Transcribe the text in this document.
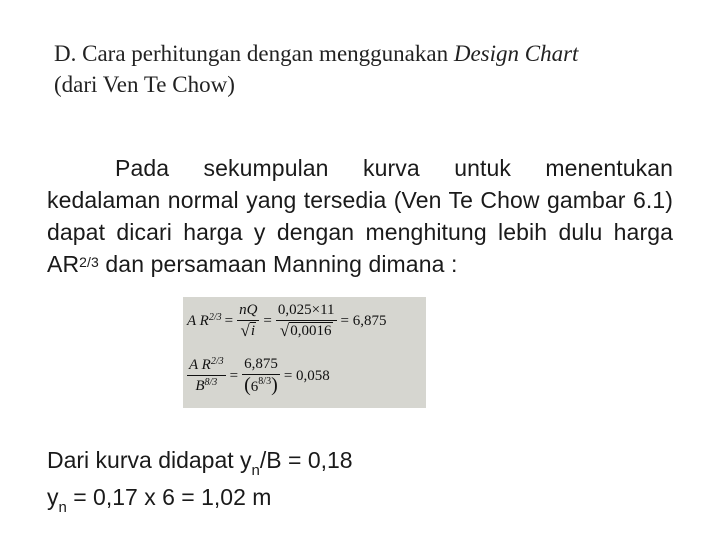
D. Cara perhitungan dengan menggunakan Design Chart
(dari Ven Te Chow)
Pada sekumpulan kurva untuk menentukan kedalaman normal yang tersedia (Ven Te Chow gambar 6.1) dapat dicari harga y dengan menghitung lebih dulu harga $AR^{2/3}$ dan persamaan Manning dimana :
A $R^{2/3} = \frac{nQ}{√ i} = \frac{0,025\times 11}{√ 0,0016} = 6,875$
$\frac{A R^{2/3}}{B^{8/3}} = \frac{6,875}{(6^{8/3})} = 0,058$
Dari kurva didapat $y_n/B = 0,18$
$y_n = 0,17$ x 6 = 1,02 m
